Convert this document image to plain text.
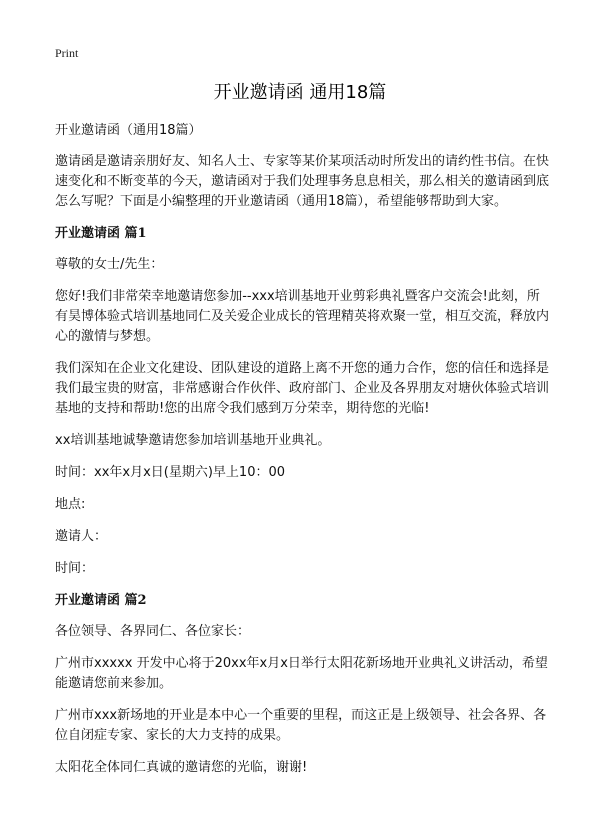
Print
开业邀请函 通用18篇

开业邀请函（通用18篇）

邀请函是邀请亲朋好友、知名人士、专家等某价某项活动时所发出的请约性书信。在快速变化和不断变革的今天，邀请函对于我们处理事务息息相关，那么相关的邀请函到底怎么写呢？下面是小编整理的开业邀请函（通用18篇），希望能够帮助到大家。

开业邀请函 篇1

尊敬的女士/先生：

您好!我们非常荣幸地邀请您参加--xxx培训基地开业剪彩典礼暨客户交流会!此刻，所有昊博体验式培训基地同仁及关爱企业成长的管理精英将欢聚一堂，相互交流，释放内心的激情与梦想。

我们深知在企业文化建设、团队建设的道路上离不开您的通力合作，您的信任和选择是我们最宝贵的财富，非常感谢合作伙伴、政府部门、企业及各界朋友对塘伙体验式培训基地的支持和帮助!您的出席令我们感到万分荣幸，期待您的光临!

xx培训基地诚挚邀请您参加培训基地开业典礼。

时间：xx年x月x日(星期六)早上10：00

地点:

邀请人：

时间：

开业邀请函 篇2

各位领导、各界同仁、各位家长：

广州市xxxxx 开发中心将于20xx年x月x日举行太阳花新场地开业典礼义讲活动，希望能邀请您前来参加。

广州市xxx新场地的开业是本中心一个重要的里程，而这正是上级领导、社会各界、各位自闭症专家、家长的大力支持的成果。

太阳花全体同仁真诚的邀请您的光临，谢谢!
